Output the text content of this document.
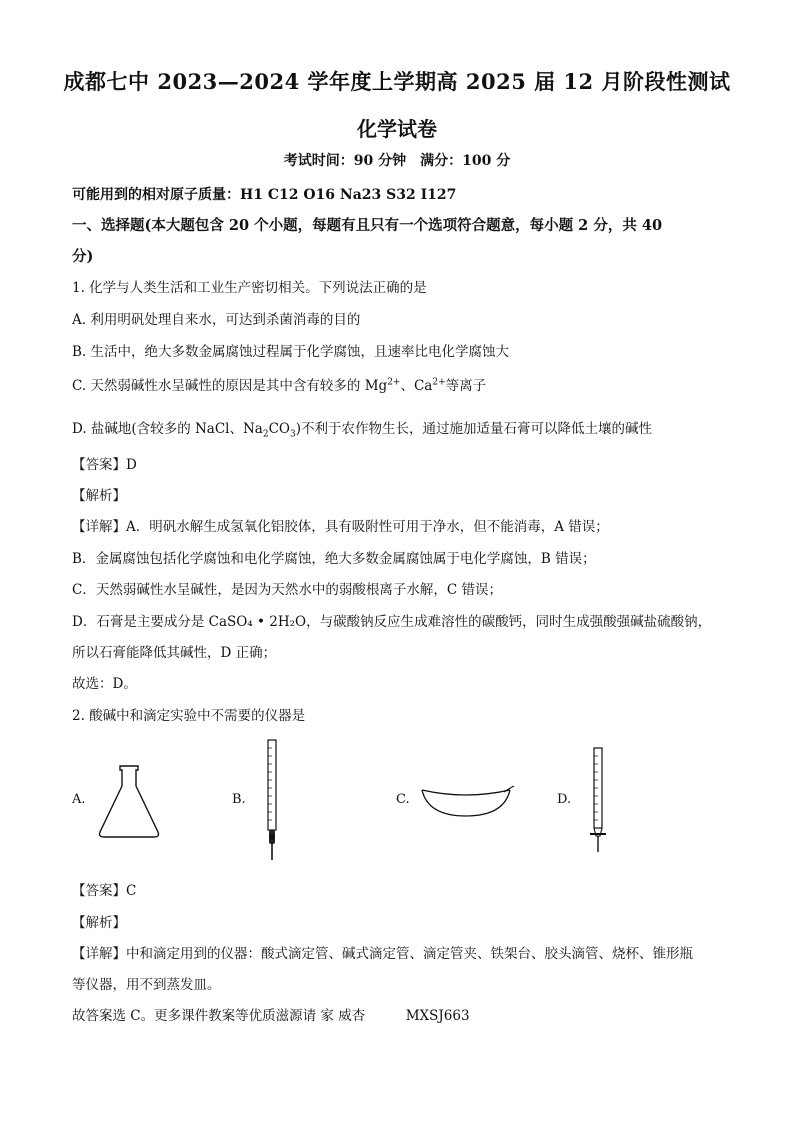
成都七中 2023—2024 学年度上学期高 2025 届 12 月阶段性测试
化学试卷
考试时间：90 分钟　满分：100 分
可能用到的相对原子质量：H1 C12 O16 Na23 S32 I127
一、选择题(本大题包含 20 个小题，每题有且只有一个选项符合题意，每小题 2 分，共 40
分)
1. 化学与人类生活和工业生产密切相关。下列说法正确的是
A. 利用明矾处理自来水，可达到杀菌消毒的目的
B. 生活中，绝大多数金属腐蚀过程属于化学腐蚀，且速率比电化学腐蚀大
C. 天然弱碱性水呈碱性的原因是其中含有较多的 $Mg^{2+}$、$Ca^{2+}$等离子
D. 盐碱地(含较多的 NaCl、$Na_2CO_3$)不利于农作物生长，通过施加适量石膏可以降低土壤的碱性
【答案】D
【解析】
【详解】A．明矾水解生成氢氧化铝胶体，具有吸附性可用于净水，但不能消毒，A 错误；
B．金属腐蚀包括化学腐蚀和电化学腐蚀，绝大多数金属腐蚀属于电化学腐蚀，B 错误；
C．天然弱碱性水呈碱性，是因为天然水中的弱酸根离子水解，C 错误；
D．石膏是主要成分是 CaSO₄ • 2H₂O，与碳酸钠反应生成难溶性的碳酸钙，同时生成强酸强碱盐硫酸钠，
所以石膏能降低其碱性，D 正确；
故选：D。
2. 酸碱中和滴定实验中不需要的仪器是
A.	B.	C.	D.
【答案】C
【解析】
【详解】中和滴定用到的仪器：酸式滴定管、碱式滴定管、滴定管夹、铁架台、胶头滴管、烧杯、锥形瓶
等仪器，用不到蒸发皿。
故答案选 C。更多课件教案等优质滋源请 家 威杏　　　MXSJ663
